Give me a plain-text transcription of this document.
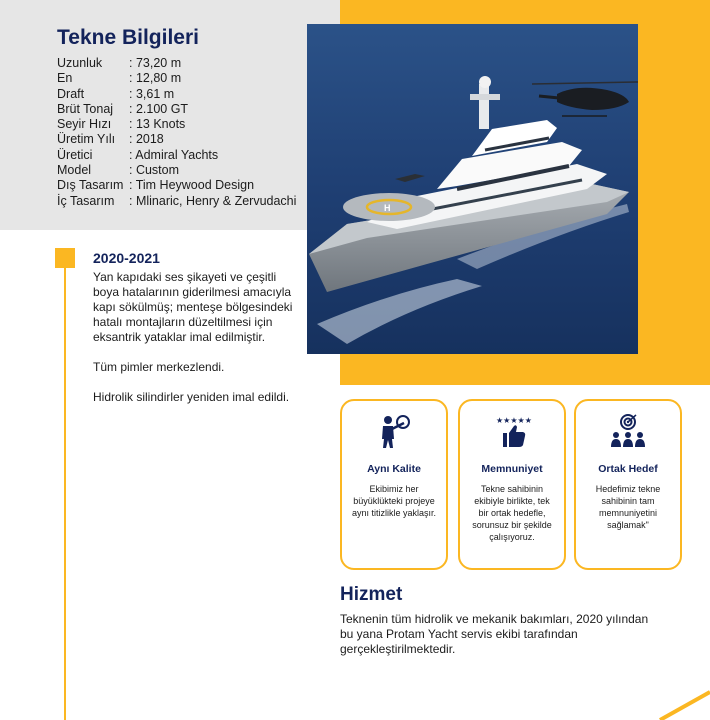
Tekne Bilgileri
Uzunluk	: 73,20 m
En	: 12,80 m
Draft	: 3,61 m
Brüt Tonaj	: 2.100 GT
Seyir Hızı	: 13 Knots
Üretim Yılı	: 2018
Üretici	: Admiral Yachts
Model	: Custom
Dış Tasarım : Tim Heywood Design
İç Tasarım	: Mlinaric, Henry & Zervudachi
H
2020-2021

Yan kapıdaki ses şikayeti ve çeşitli boya hatalarının giderilmesi amacıyla kapı sökülmüş; menteşe bölgesindeki hatalı montajların düzeltilmesi için eksantrik yataklar imal edilmiştir.

Tüm pimler merkezlendi.

Hidrolik silindirler yeniden imal edildi.

Aynı Kalite
Ekibimiz her büyüklükteki projeye aynı titizlikle yaklaşır.
★★★★★
Memnuniyet
Tekne sahibinin ekibiyle birlikte, tek bir ortak hedefle, sorunsuz bir şekilde çalışıyoruz.
Ortak Hedef
Hedefimiz tekne sahibinin tam memnuniyetini sağlamak"
Hizmet
Teknenin tüm hidrolik ve mekanik bakımları, 2020 yılından bu yana Protam Yacht servis ekibi tarafından gerçekleştirilmektedir.
